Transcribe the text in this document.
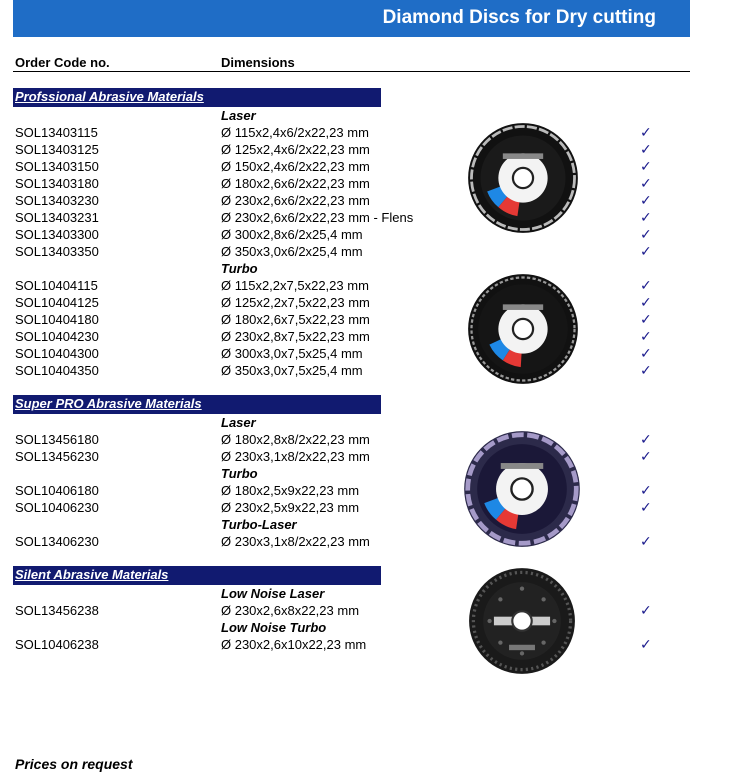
Diamond Discs for Dry cutting
Order Code no.	Dimensions
Profssional Abrasive Materials
Laser
SOL13403115	Ø 115x2,4x6/2x22,23 mm	✓
SOL13403125	Ø 125x2,4x6/2x22,23 mm	✓
SOL13403150	Ø 150x2,4x6/2x22,23 mm	✓
SOL13403180	Ø 180x2,6x6/2x22,23 mm	✓
SOL13403230	Ø 230x2,6x6/2x22,23 mm	✓
SOL13403231	Ø 230x2,6x6/2x22,23 mm - Flens	✓
SOL13403300	Ø 300x2,8x6/2x25,4 mm	✓
SOL13403350	Ø 350x3,0x6/2x25,4 mm	✓
Turbo
SOL10404115	Ø 115x2,2x7,5x22,23 mm	✓
SOL10404125	Ø 125x2,2x7,5x22,23 mm	✓
SOL10404180	Ø 180x2,6x7,5x22,23 mm	✓
SOL10404230	Ø 230x2,8x7,5x22,23 mm	✓
SOL10404300	Ø 300x3,0x7,5x25,4 mm	✓
SOL10404350	Ø 350x3,0x7,5x25,4 mm	✓
Super PRO Abrasive Materials
Laser
SOL13456180	Ø 180x2,8x8/2x22,23 mm	✓
SOL13456230	Ø 230x3,1x8/2x22,23 mm	✓
Turbo
SOL10406180	Ø 180x2,5x9x22,23 mm	✓
SOL10406230	Ø 230x2,5x9x22,23 mm	✓
Turbo-Laser
SOL13406230	Ø 230x3,1x8/2x22,23 mm	✓
Silent Abrasive Materials
Low Noise Laser
SOL13456238	Ø 230x2,6x8x22,23 mm	✓
Low Noise Turbo
SOL10406238	Ø 230x2,6x10x22,23 mm	✓
Prices on request
